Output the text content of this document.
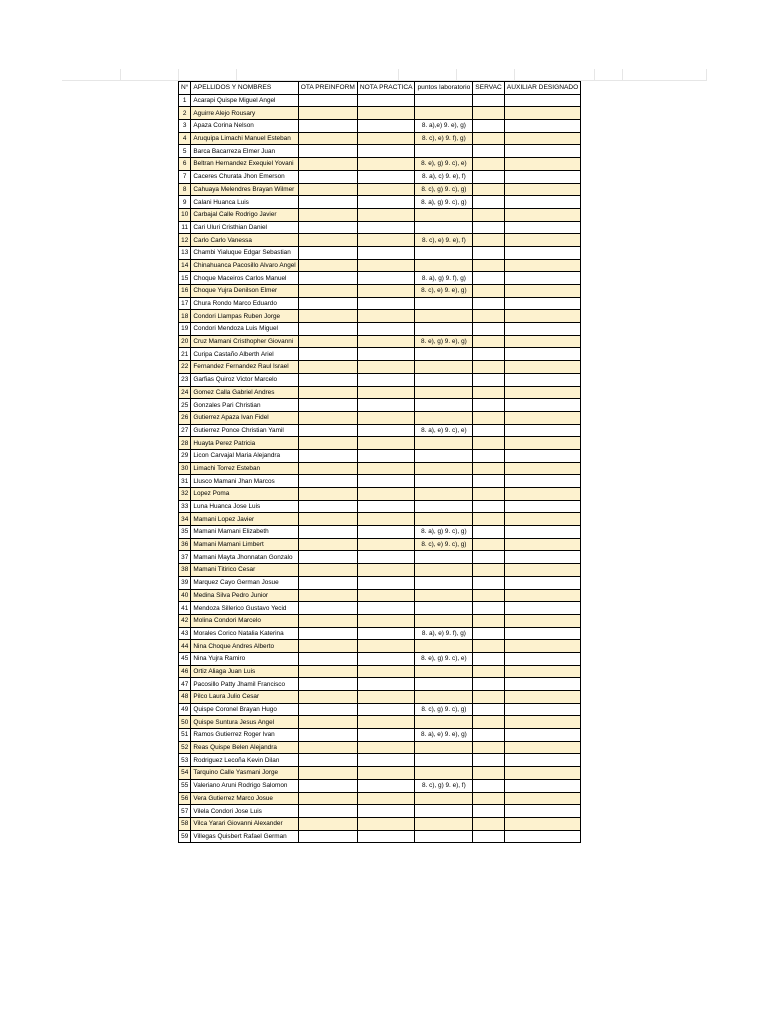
N°	APELLIDOS Y NOMBRES	OTA PREINFORM	NOTA PRACTICA	puntos laboratorio	SERVAC	AUXILIAR DESIGNADO
1	Acarapi Quispe Miguel Angel					
2	Aguirre Alejo Rousary					
3	Apaza Corina Nelson			8. a),e) 9. e), g)		
4	Aruquipa Limachi Manuel Esteban			8. c), e) 9. f), g)		
5	Barca Bacarreza Elmer Juan					
6	Beltran Hernandez Exequiel Yovani			8. e), g) 9. c), e)		
7	Caceres Churata Jhon Emerson			8. a), c) 9. e), f)		
8	Cahuaya Melendres Brayan Wilmer			8. c), g) 9. c), g)		
9	Calani Huanca Luis			8. a), g) 9. c), g)		
10	Carbajal Calle Rodrigo Javier					
11	Cari Uluri Cristhian Daniel					
12	Carlo Carlo Vanessa			8. c), e) 9. e), f)		
13	Chambi Yialuque Edgar Sebastian					
14	Chinahuanca Pacosillo Alvaro Angel					
15	Choque Maceiros Carlos Manuel			8. a), g) 9. f), g)		
16	Choque Yujra Denilson Elmer			8. c), e) 9. e), g)		
17	Chura Rondo Marco Eduardo					
18	Condori Llampas Ruben Jorge					
19	Condori Mendoza Luis Miguel					
20	Cruz Mamani Cristhopher Giovanni			8. e), g) 9. e), g)		
21	Curipa Castaño Alberth Ariel					
22	Fernandez Fernandez Raul Israel					
23	Garfias Quiroz Victor Marcelo					
24	Gomez Calla Gabriel Andres					
25	Gonzales Pari Christian					
26	Gutierrez Apaza Ivan Fidel					
27	Gutierrez Ponce Christian Yamil			8. a), e) 9. c), e)		
28	Huayta Perez Patricia					
29	Licon Carvajal Maria Alejandra					
30	Limachi Torrez Esteban					
31	Llusco Mamani Jhan Marcos					
32	Lopez Poma					
33	Luna Huanca Jose Luis					
34	Mamani Lopez Javier					
35	Mamani Mamani Elizabeth			8. a), g) 9. c), g)		
36	Mamani Mamani Limbert			8. c), e) 9. c), g)		
37	Mamani Mayta Jhonnatan Gonzalo					
38	Mamani Titirico Cesar					
39	Marquez Cayo German Josue					
40	Medina Silva Pedro Junior					
41	Mendoza Sillerico Gustavo Yecid					
42	Molina Condori Marcelo					
43	Morales Corico Natalia Katerina			8. a), e) 9. f), g)		
44	Nina Choque Andres Alberto					
45	Nina Yujra Ramiro			8. e), g) 9. c), e)		
46	Ortiz Aliaga Juan Luis					
47	Pacosillo Patty Jhamil Francisco					
48	Pilco Laura Julio Cesar					
49	Quispe Coronel Brayan Hugo			8. c), g) 9. c), g)		
50	Quispe Suntura Jesus Angel					
51	Ramos Gutierrez Roger Ivan			8. a), e) 9. e), g)		
52	Reas Quispe Belen Alejandra					
53	Rodriguez Lecoña Kevin Dilan					
54	Tarquino Calle Yasmani Jorge					
55	Valeriano Aruni Rodrigo Salomon			8. c), g) 9. e), f)		
56	Vera Gutierrez Marco Josue					
57	Vilela Condori Jose Luis					
58	Vilca Yarari Giovanni Alexander					
59	Villegas Quisbert Rafael German					
